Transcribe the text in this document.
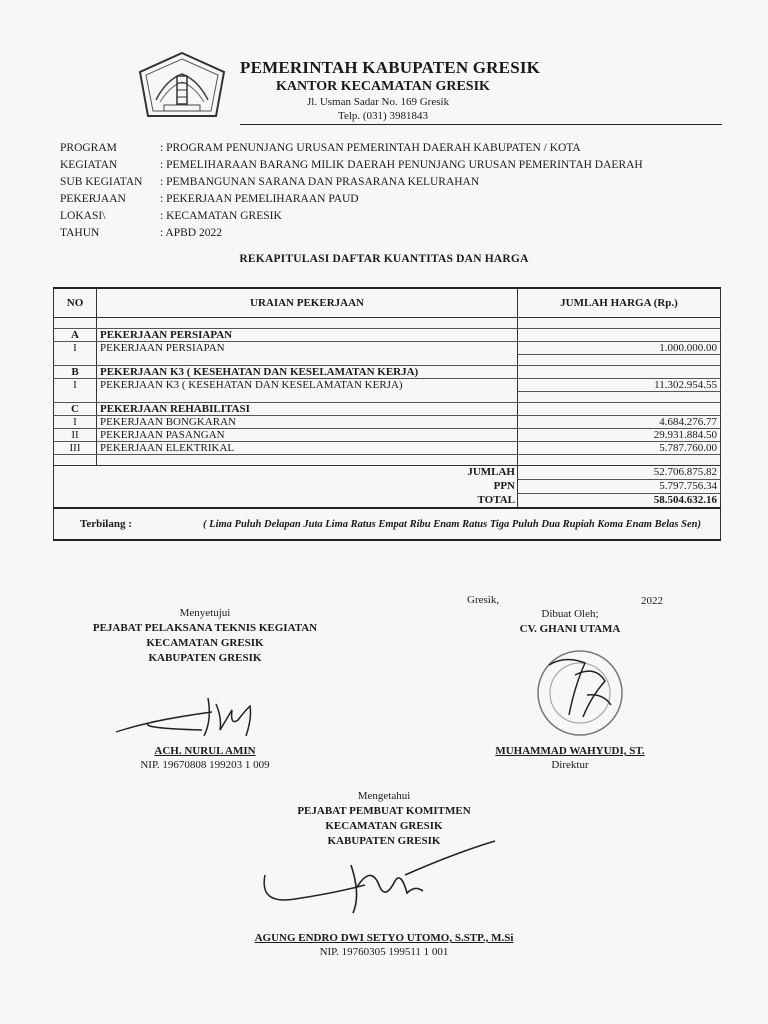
PEMERINTAH KABUPATEN GRESIK
KANTOR KECAMATAN GRESIK
Jl. Usman Sadar No. 169 Gresik
Telp. (031) 3981843
PROGRAM	: PROGRAM PENUNJANG URUSAN PEMERINTAH DAERAH KABUPATEN / KOTA
KEGIATAN	: PEMELIHARAAN BARANG MILIK DAERAH PENUNJANG URUSAN PEMERINTAH DAERAH
SUB KEGIATAN	: PEMBANGUNAN SARANA DAN PRASARANA KELURAHAN
PEKERJAAN	: PEKERJAAN PEMELIHARAAN PAUD
LOKASI\	: KECAMATAN GRESIK
TAHUN	: APBD 2022
REKAPITULASI DAFTAR KUANTITAS DAN HARGA
NO	URAIAN PEKERJAAN	JUMLAH HARGA (Rp.)

A	PEKERJAAN PERSIAPAN	
I	PEKERJAAN PERSIAPAN	1.000.000.00

B	PEKERJAAN K3 ( KESEHATAN DAN KESELAMATAN KERJA)	
I	PEKERJAAN K3 ( KESEHATAN DAN KESELAMATAN KERJA)	11.302.954.55

C	PEKERJAAN REHABILITASI	
I	PEKERJAAN BONGKARAN	4.684.276.77
II	PEKERJAAN PASANGAN	29.931.884.50
III	PEKERJAAN ELEKTRIKAL	5.787.760.00

	JUMLAH	52.706.875.82
	PPN	5.797.756.34
	TOTAL	58.504.632.16

Terbilang : ( Lima Puluh Delapan Juta Lima Ratus Empat Ribu Enam Ratus Tiga Puluh Dua Rupiah Koma Enam Belas Sen)		
Gresik,	2022
Menyetujui
PEJABAT PELAKSANA TEKNIS KEGIATAN
KECAMATAN GRESIK
KABUPATEN GRESIK
ACH. NURUL AMIN
NIP. 19670808 199203 1 009
Dibuat Oleh;
CV. GHANI UTAMA
MUHAMMAD WAHYUDI, ST.
Direktur
Mengetahui
PEJABAT PEMBUAT KOMITMEN
KECAMATAN GRESIK
KABUPATEN GRESIK
AGUNG ENDRO DWI SETYO UTOMO, S.STP., M.Si
NIP. 19760305 199511 1 001
